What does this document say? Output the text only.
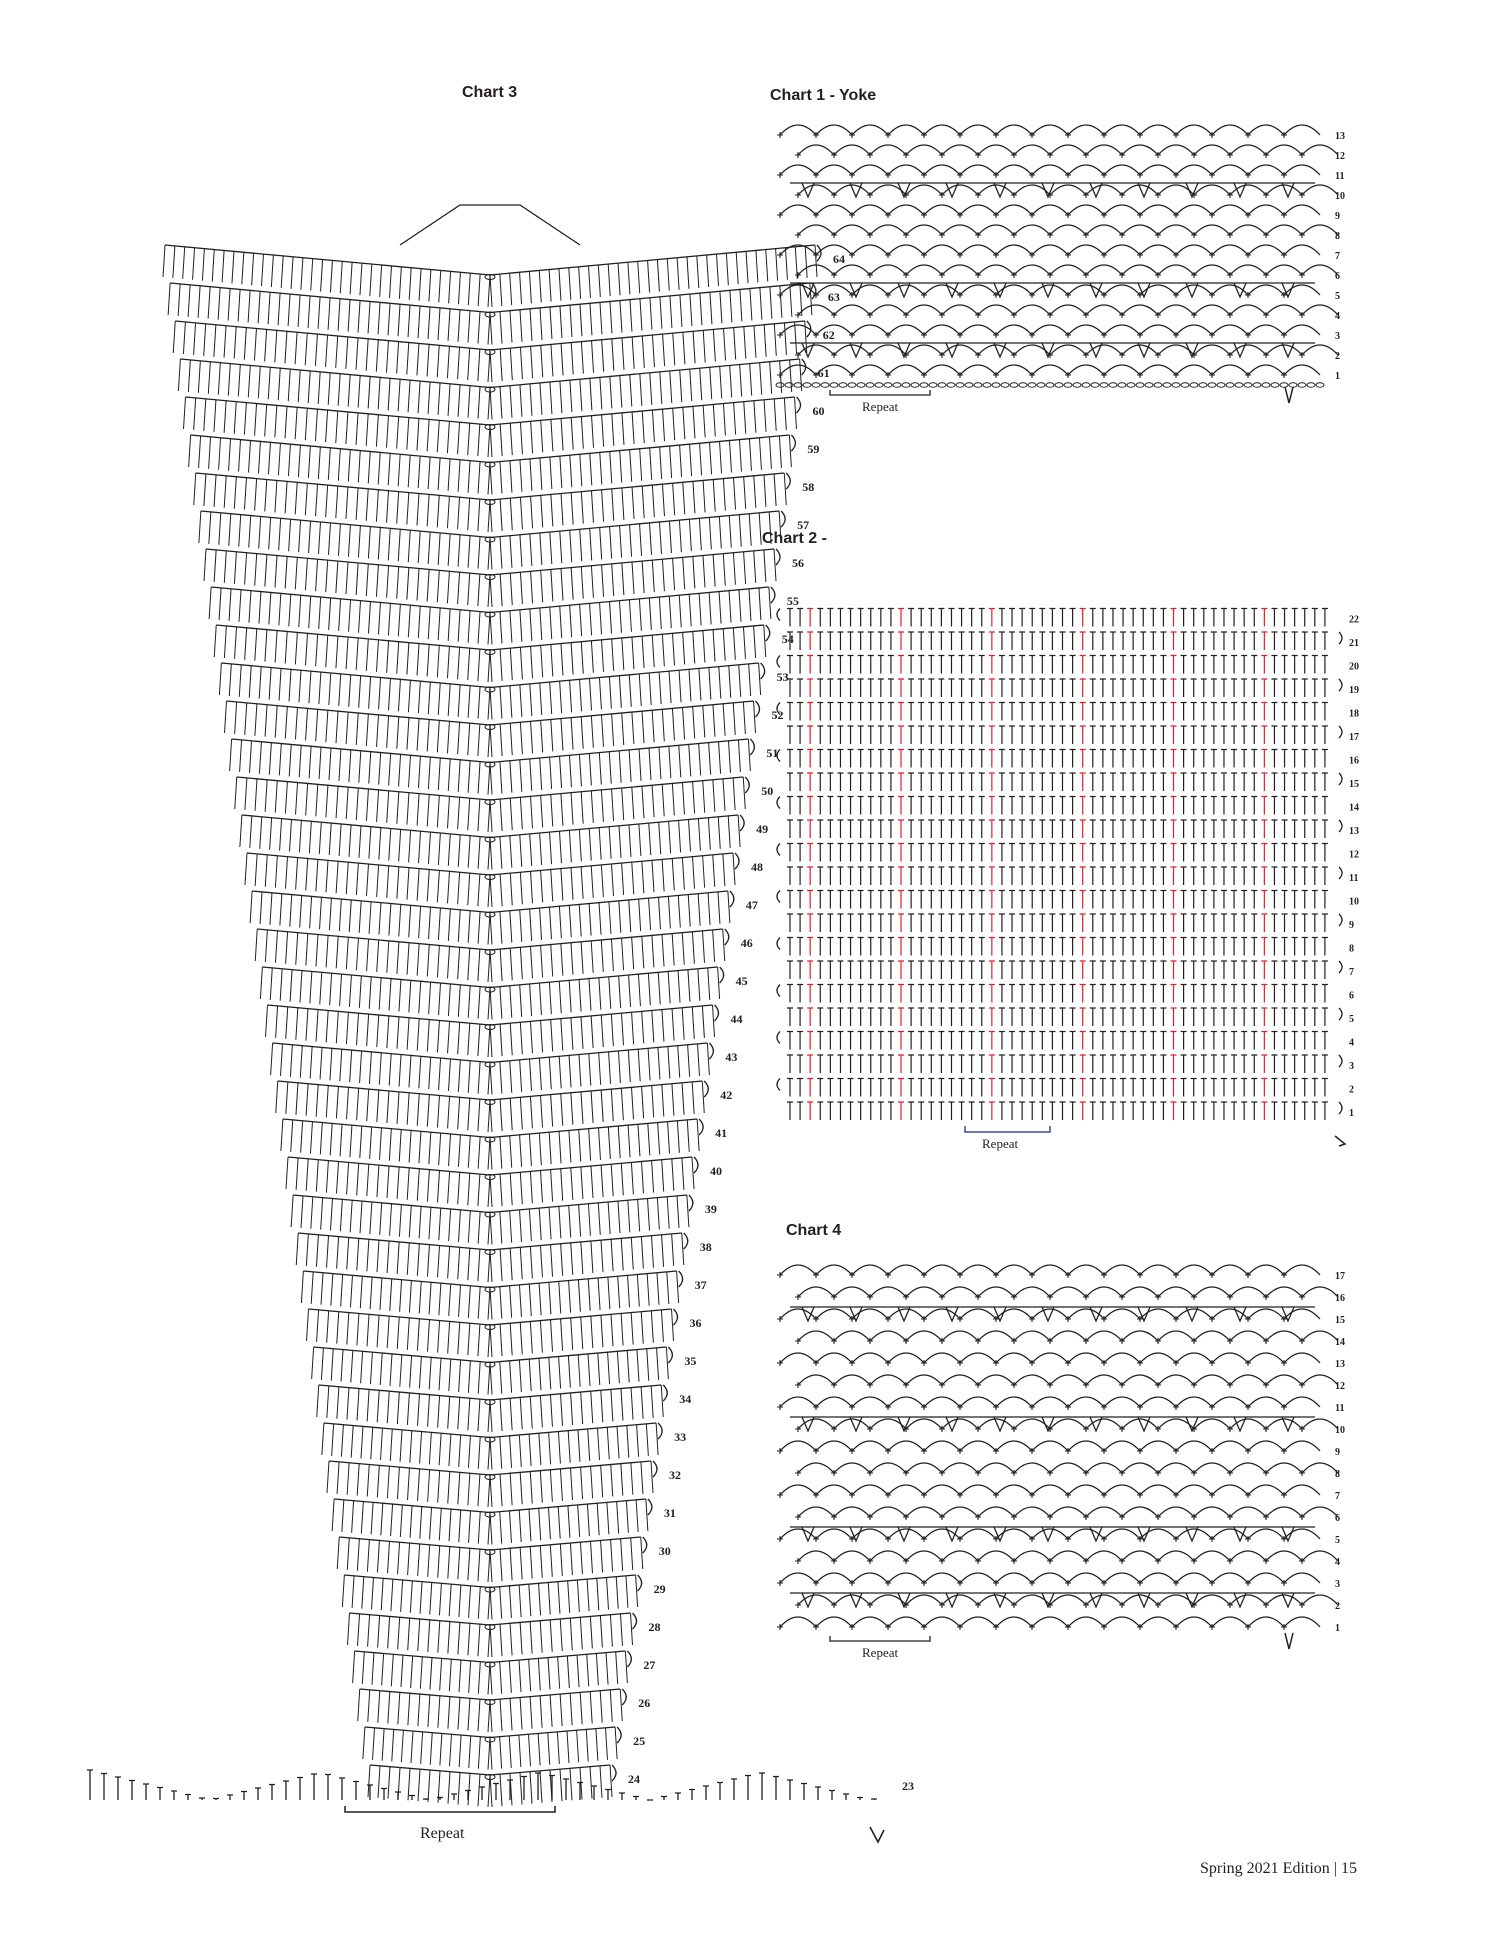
Chart 3
23
24
25
26
27
28
29
30
31
32
33
34
35
36
37
38
39
40
41
42
43
44
45
46
47
48
49
50
51
52
53
54
55
56
57
58
59
60
61
62
63
64
Repeat
Chart 1 - Yoke
1
2
3
4
5
6
7
8
9
10
11
12
13
Repeat
Chart 2 -
1
2
3
4
5
6
7
8
9
10
11
12
13
14
15
16
17
18
19
20
21
22
Repeat
Chart 4
1
2
3
4
5
6
7
8
9
10
11
12
13
14
15
16
17
Repeat
Spring 2021 Edition | 15
